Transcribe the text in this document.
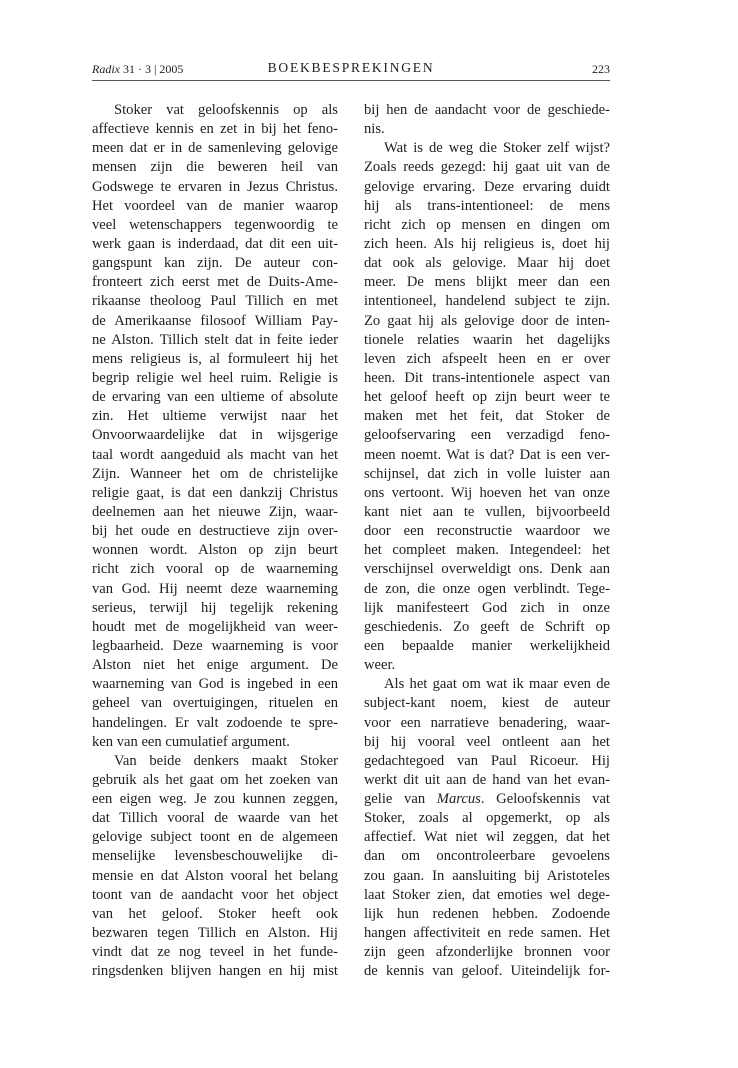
Radix 31 · 3 | 2005	BOEKBESPREKINGEN	223
Stoker vat geloofskennis op als
affectieve kennis en zet in bij het feno-
meen dat er in de samenleving gelovige
mensen zijn die beweren heil van
Godswege te ervaren in Jezus Christus.
Het voordeel van de manier waarop
veel wetenschappers tegenwoordig te
werk gaan is inderdaad, dat dit een uit-
gangspunt kan zijn. De auteur con-
fronteert zich eerst met de Duits-Ame-
rikaanse theoloog Paul Tillich en met
de Amerikaanse filosoof William Pay-
ne Alston. Tillich stelt dat in feite ieder
mens religieus is, al formuleert hij het
begrip religie wel heel ruim. Religie is
de ervaring van een ultieme of absolute
zin. Het ultieme verwijst naar het
Onvoorwaardelijke dat in wijsgerige
taal wordt aangeduid als macht van het
Zijn. Wanneer het om de christelijke
religie gaat, is dat een dankzij Christus
deelnemen aan het nieuwe Zijn, waar-
bij het oude en destructieve zijn over-
wonnen wordt. Alston op zijn beurt
richt zich vooral op de waarneming
van God. Hij neemt deze waarneming
serieus, terwijl hij tegelijk rekening
houdt met de mogelijkheid van weer-
legbaarheid. Deze waarneming is voor
Alston niet het enige argument. De
waarneming van God is ingebed in een
geheel van overtuigingen, rituelen en
handelingen. Er valt zodoende te spre-
ken van een cumulatief argument.
Van beide denkers maakt Stoker
gebruik als het gaat om het zoeken van
een eigen weg. Je zou kunnen zeggen,
dat Tillich vooral de waarde van het
gelovige subject toont en de algemeen
menselijke levensbeschouwelijke di-
mensie en dat Alston vooral het belang
toont van de aandacht voor het object
van het geloof. Stoker heeft ook
bezwaren tegen Tillich en Alston. Hij
vindt dat ze nog teveel in het funde-
ringsdenken blijven hangen en hij mist
bij hen de aandacht voor de geschiede-
nis.
Wat is de weg die Stoker zelf wijst?
Zoals reeds gezegd: hij gaat uit van de
gelovige ervaring. Deze ervaring duidt
hij als trans-intentioneel: de mens
richt zich op mensen en dingen om
zich heen. Als hij religieus is, doet hij
dat ook als gelovige. Maar hij doet
meer. De mens blijkt meer dan een
intentioneel, handelend subject te zijn.
Zo gaat hij als gelovige door de inten-
tionele relaties waarin het dagelijks
leven zich afspeelt heen en er over
heen. Dit trans-intentionele aspect van
het geloof heeft op zijn beurt weer te
maken met het feit, dat Stoker de
geloofservaring een verzadigd feno-
meen noemt. Wat is dat? Dat is een ver-
schijnsel, dat zich in volle luister aan
ons vertoont. Wij hoeven het van onze
kant niet aan te vullen, bijvoorbeeld
door een reconstructie waardoor we
het compleet maken. Integendeel: het
verschijnsel overweldigt ons. Denk aan
de zon, die onze ogen verblindt. Tege-
lijk manifesteert God zich in onze
geschiedenis. Zo geeft de Schrift op
een bepaalde manier werkelijkheid
weer.
Als het gaat om wat ik maar even de
subject-kant noem, kiest de auteur
voor een narratieve benadering, waar-
bij hij vooral veel ontleent aan het
gedachtegoed van Paul Ricoeur. Hij
werkt dit uit aan de hand van het evan-
gelie van Marcus. Geloofskennis vat
Stoker, zoals al opgemerkt, op als
affectief. Wat niet wil zeggen, dat het
dan om oncontroleerbare gevoelens
zou gaan. In aansluiting bij Aristoteles
laat Stoker zien, dat emoties wel dege-
lijk hun redenen hebben. Zodoende
hangen affectiviteit en rede samen. Het
zijn geen afzonderlijke bronnen voor
de kennis van geloof. Uiteindelijk for-
